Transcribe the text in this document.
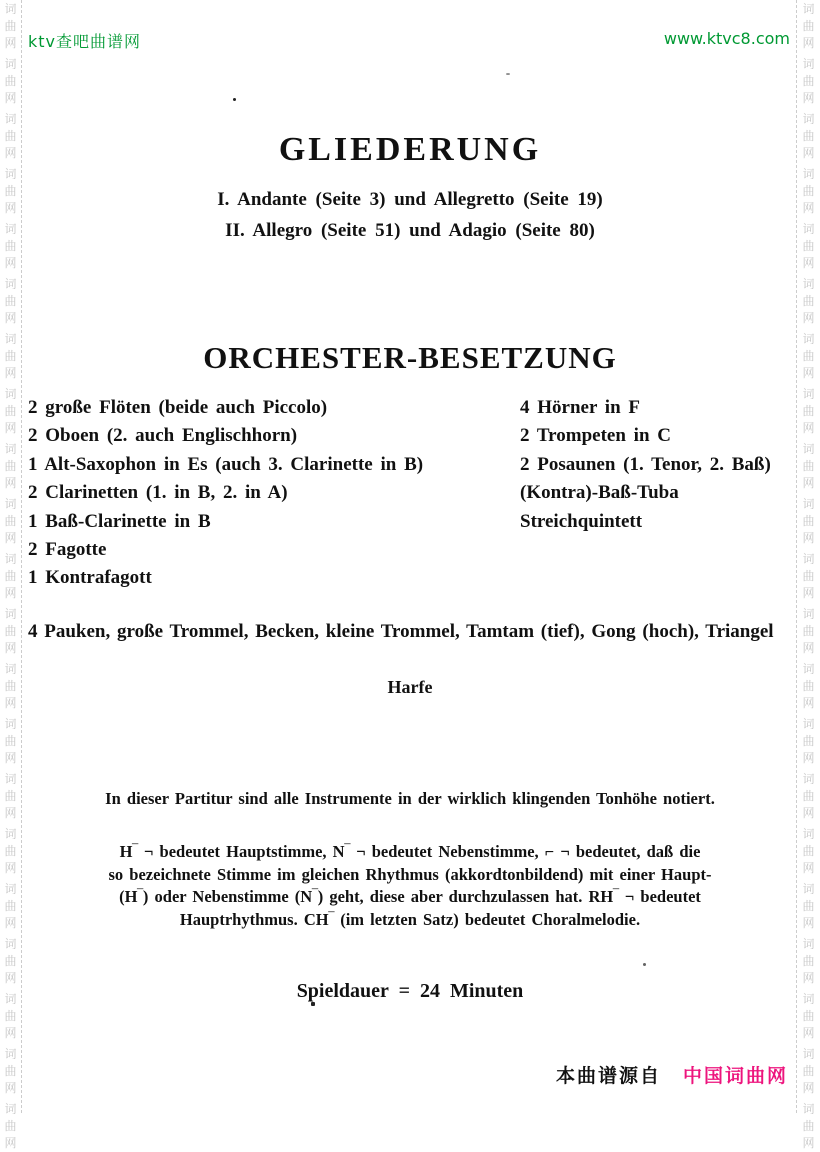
词
曲
网
词
曲
网
词
曲
网
词
曲
网
词
曲
网
词
曲
网
词
曲
网
词
曲
网
词
曲
网
词
曲
网
词
曲
网
词
曲
网
词
曲
网
词
曲
网
词
曲
网
词
曲
网
词
曲
网
词
曲
网
词
曲
网
词
曲
网
词
曲
网
词
曲
网
词
曲
网
词
曲
网
词
曲
网
词
曲
网
词
曲
网
词
曲
网
词
曲
网
词
曲
网
词
曲
网
词
曲
网
词
曲
网
词
曲
网
词
曲
网
词
曲
网
词
曲
网
词
曲
网
词
曲
网
词
曲
网
词
曲
网
词
曲
网
ktv查吧曲谱网	www.ktvc8.com
GLIEDERUNG
I. Andante (Seite 3) und Allegretto (Seite 19)
II. Allegro (Seite 51) und Adagio (Seite 80)
ORCHESTER-BESETZUNG
2 große Flöten (beide auch Piccolo)
2 Oboen (2. auch Englischhorn)
1 Alt-Saxophon in Es (auch 3. Clarinette in B)
2 Clarinetten (1. in B, 2. in A)
1 Baß-Clarinette in B
2 Fagotte
1 Kontrafagott
4 Hörner in F
2 Trompeten in C
2 Posaunen (1. Tenor, 2. Baß)
(Kontra)-Baß-Tuba
Streichquintett
4 Pauken, große Trommel, Becken, kleine Trommel, Tamtam (tief), Gong (hoch), Triangel
Harfe
In dieser Partitur sind alle Instrumente in der wirklich klingenden Tonhöhe notiert.
H‾ ¬ bedeutet Hauptstimme, N‾ ¬ bedeutet Nebenstimme, ⌐ ¬ bedeutet, daß die
so bezeichnete Stimme im gleichen Rhythmus (akkordtonbildend) mit einer Haupt-
(H‾) oder Nebenstimme (N‾) geht, diese aber durchzulassen hat. RH‾ ¬ bedeutet
Hauptrhythmus. CH‾ (im letzten Satz) bedeutet Choralmelodie.
Spieldauer = 24 Minuten
本曲谱源自 中国词曲网
